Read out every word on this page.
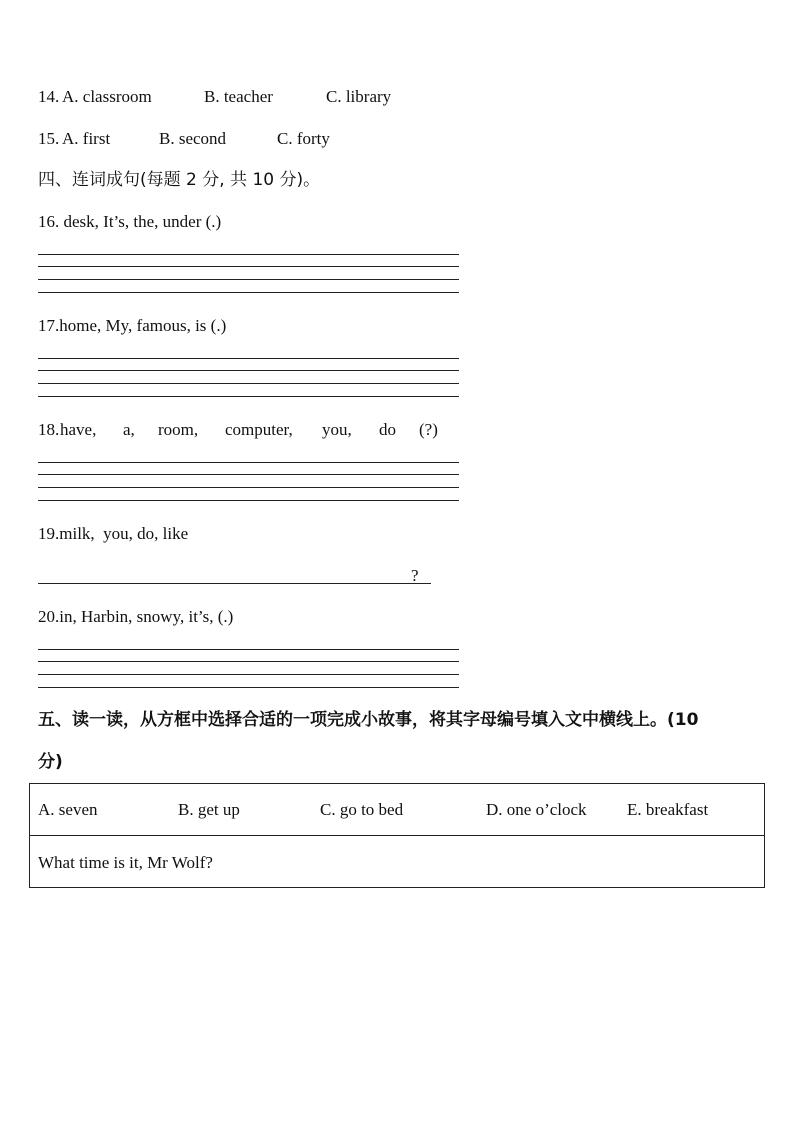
14. A. classroom	B. teacher	C. library
15. A. first	B. second	C. forty
四、连词成句(每题 2 分, 共 10 分)。
16. desk, It’s, the, under (.)
17.home, My, famous, is (.)
18. have, a, room, computer, you, do (?)
19.milk,  you, do, like
?
20.in, Harbin, snowy, it’s, (.)
五、读一读，从方框中选择合适的一项完成小故事，将其字母编号填入文中横线上。(10
分)
A. seven	B. get up	C. go to bed	D. one o’clock E. breakfast
What time is it, Mr Wolf?
